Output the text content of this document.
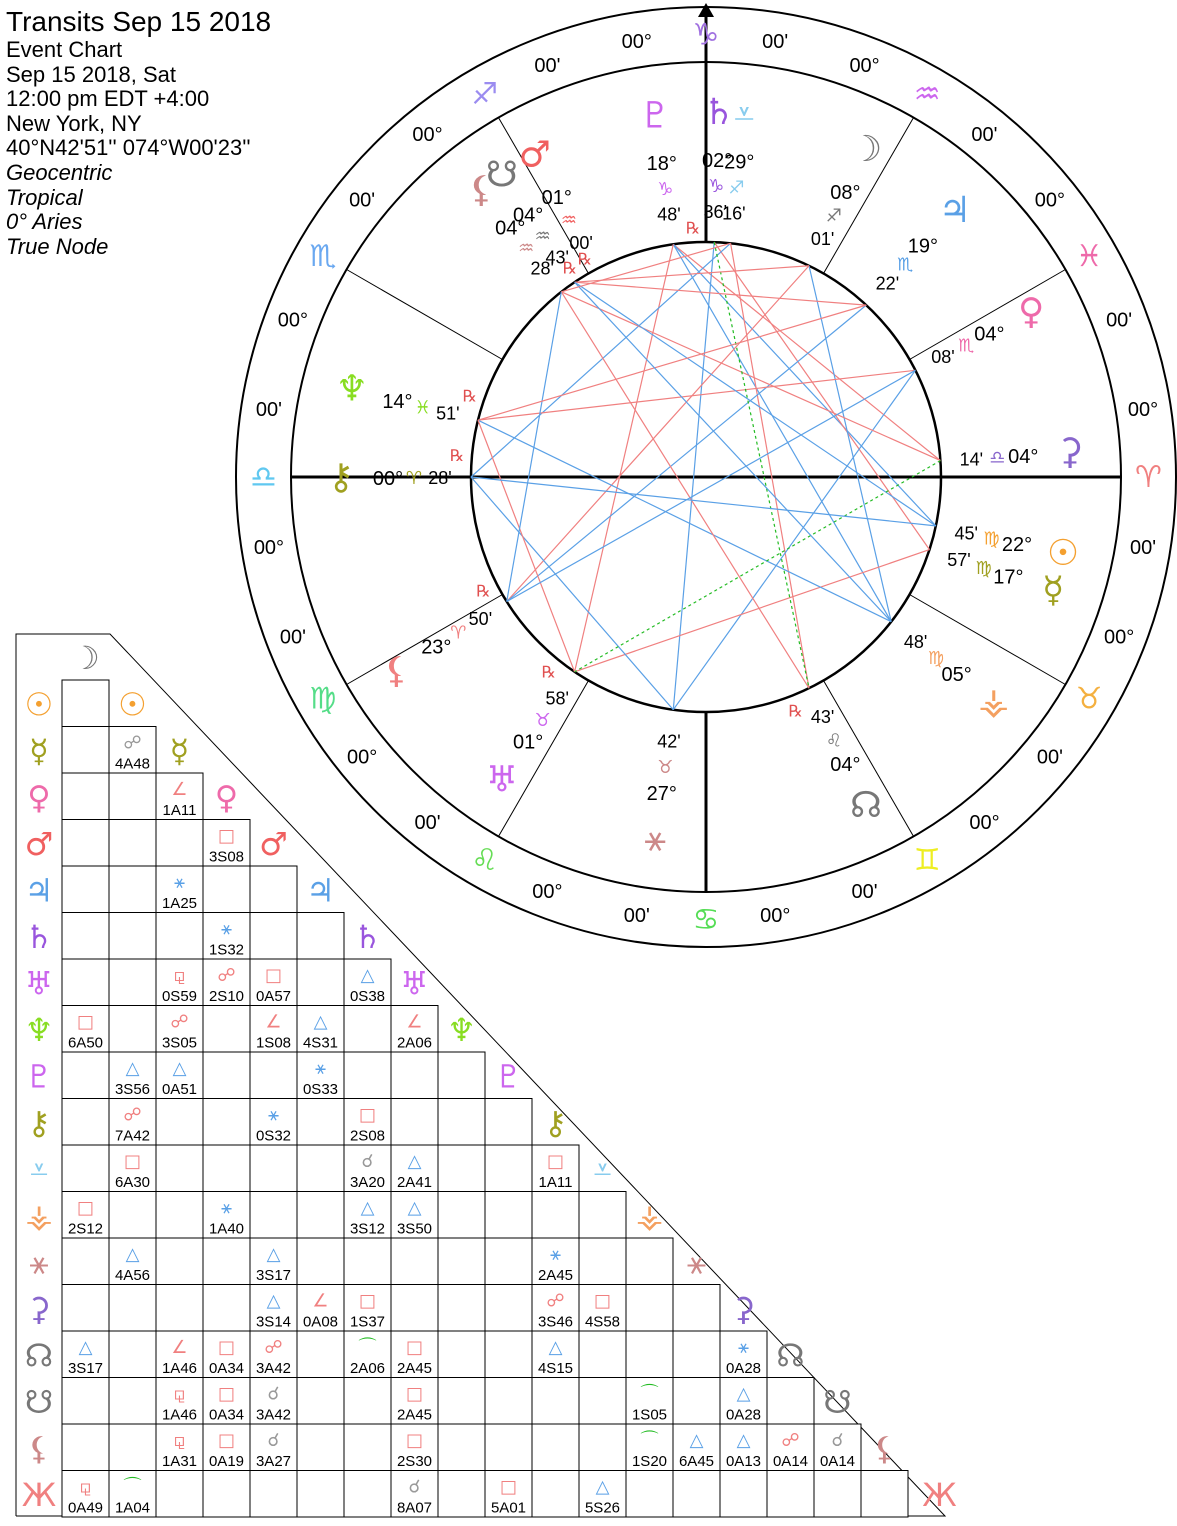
Transits Sep 15 2018
Event Chart
Sep 15 2018, Sat
12:00 pm EDT +4:00
New York, NY
40°N42'51'' 074°W00'23''
Geocentric
Tropical
0° Aries
True Node
♑
00°	00'
♐
00°
00'
♏
00°
00'
♎
00°
00'
♍
00°
00'
♌
00°
00'
♋ 00°
00'
♊
00°
00'
♉
00°
00'
♈
00°
00'
♓
00°
00'
♒
00°
00'
♇
18°
♑
48'
℞
♄
02°
♑
36'
⩡
29°
♐
16'
☽
08°
♐
01'
♃
19°
♏
22'
♀
04°
♏
08'
⚳
04°
♎
14'
☉
22°
♍
45'
☿
17°
♍
57'
⚶
05°
♍
48'
☊
04°
♌
43'
℞
⚹
27°
♉
42'
♅
01°
♉
58'
℞
⚸
23°
♈
50'
℞
⚷ 00° ♈ 28'
℞
♆ 14° ♓ 51'
℞
☋
04°
♒
43' ℞
⚸
04°
♒
28' ℞
♂
01°
♒
00'
☉
☿
♀
♂
♃
♄
♅
♆
♇
⚷
⩡
⚶
⚹
⚳
☊
☋
⚸
Ж
☽
☉
☿
♀
♂
♃
♄
♅
♆
♇
⚷
⩡
⚶
⚹
⚳
☊
☋
⚸
Ж
☍
4A48
∠
1A11
□
3S08
⚹
1A25
⚹
1S32
⚼
0S59
☍
2S10
□
0A57
△
0S38
□
6A50
☍
3S05
∠
1S08
△
4S31
∠
2A06
△
3S56
△
0A51
⚹
0S33
☍
7A42
⚹
0S32
□
2S08
□
6A30
☌
3A20
△
2A41
□
1A11
□
2S12
⚹
1A40
△
3S12
△
3S50
△
4A56
△
3S17
⚹
2A45
△
3S14
∠
0A08
□
1S37
☍
3S46
□
4S58
△
3S17
∠
1A46
□
0A34
☍
3A42
⌒
2A06
□
2A45
△
4S15
⚹
0A28
⚼
1A46
□
0A34
☌
3A42
□
2A45
⌒
1S05
△
0A28
⚼
1A31
□
0A19
☌
3A27
□
2S30
⌒
1S20
△
6A45
△
0A13
☍
0A14
☌
0A14
⚼
0A49
⌒
1A04
☌
8A07
□
5A01
△
5S26
